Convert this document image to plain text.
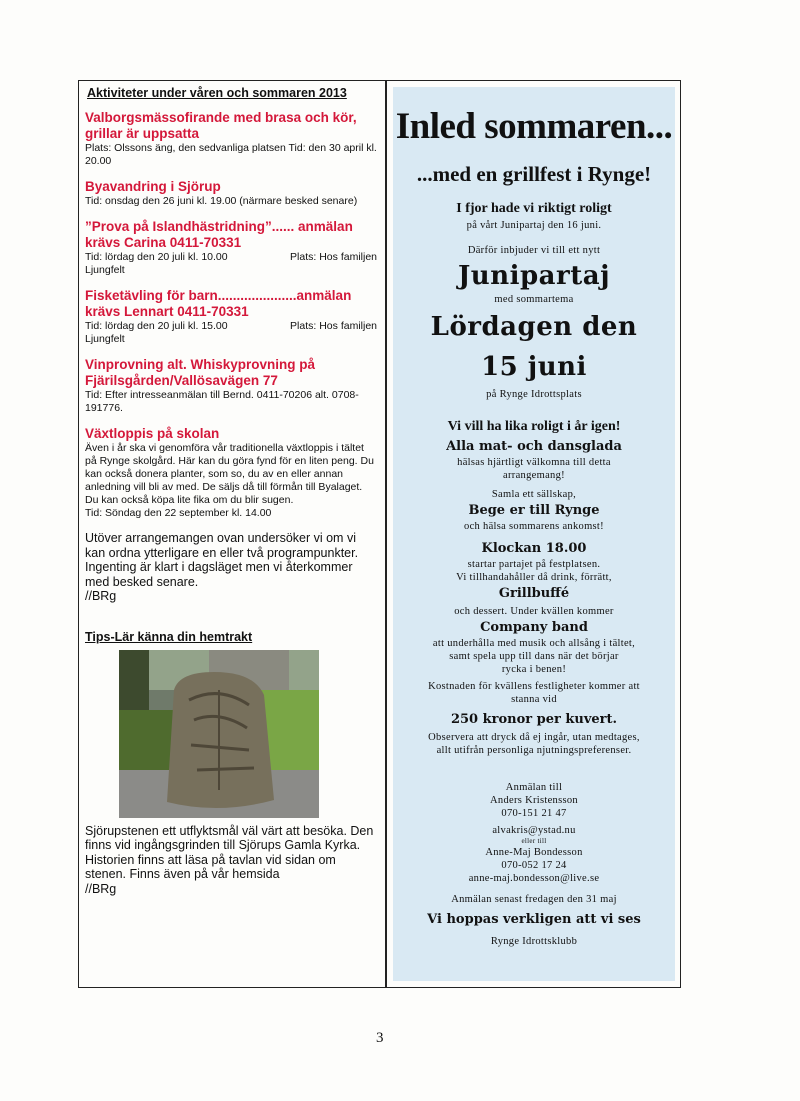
Aktiviteter under våren och sommaren 2013
Valborgsmässofirande med brasa och kör, grillar är uppsatta
Plats: Olssons äng, den sedvanliga platsen Tid: den 30 april kl. 20.00
Byavandring i Sjörup
Tid: onsdag den 26 juni kl. 19.00 (närmare besked senare)
”Prova på Islandhästridning”...... anmälan krävs Carina 0411-70331
Tid: lördag den 20 juli kl. 10.00	Plats: Hos familjen
Ljungfelt
Fisketävling för barn.....................anmälan krävs Lennart 0411-70331
Tid: lördag den 20 juli kl. 15.00	Plats: Hos familjen
Ljungfelt
Vinprovning alt. Whiskyprovning på Fjärilsgården/Vallösavägen 77
Tid: Efter intresseanmälan till Bernd. 0411-70206 alt. 0708-191776.
Växtloppis på skolan
Även i år ska vi genomföra vår traditionella växtloppis i tältet på Rynge skolgård. Här kan du göra fynd för en liten peng. Du kan också donera planter, som so, du av en eller annan anledning vill bli av med. De säljs då till förmån till Byalaget. Du kan också köpa lite fika om du blir sugen.
Tid: Söndag den 22 september kl. 14.00
Utöver arrangemangen ovan undersöker vi om vi kan ordna ytterligare en eller två programpunkter. Ingenting är klart i dagsläget men vi återkommer med besked senare.
//BRg
Tips-Lär känna din hemtrakt
Sjörupstenen ett utflyktsmål väl värt att besöka. Den finns vid ingångsgrinden till Sjörups Gamla Kyrka. Historien finns att läsa på tavlan vid sidan om stenen. Finns även på vår hemsida
//BRg
Inled sommaren...
...med en grillfest i Rynge!
I fjor hade vi riktigt roligt
på vårt Junipartaj den 16 juni.
Därför inbjuder vi till ett nytt
Junipartaj
med sommartema
Lördagen den
15 juni
på Rynge Idrottsplats
Vi vill ha lika roligt i år igen!
Alla mat- och dansglada
hälsas hjärtligt välkomna till detta
arrangemang!
Samla ett sällskap,
Bege er till Rynge
och hälsa sommarens ankomst!
Klockan 18.00
startar partajet på festplatsen.
Vi tillhandahåller då drink, förrätt,
Grillbuffé
och dessert. Under kvällen kommer
Company band
att underhålla med musik och allsång i tältet,
samt spela upp till dans när det börjar
rycka i benen!
Kostnaden för kvällens festligheter kommer att
stanna vid
250 kronor per kuvert.
Observera att dryck då ej ingår, utan medtages,
allt utifrån personliga njutningspreferenser.
Anmälan till
Anders Kristensson
070-151 21 47
alvakris@ystad.nu
eller till
Anne-Maj Bondesson
070-052 17 24
anne-maj.bondesson@live.se
Anmälan senast fredagen den 31 maj
Vi hoppas verkligen att vi ses
Rynge Idrottsklubb
3
